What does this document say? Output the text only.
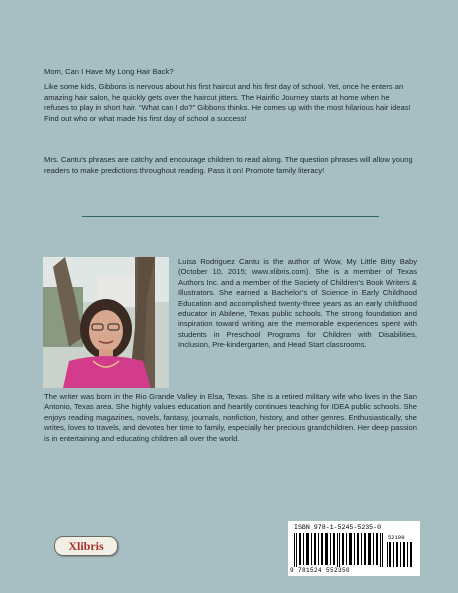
Mom, Can I Have My Long Hair Back?

Like some kids, Gibbons is nervous about his first haircut and his first day of school. Yet, once he enters an amazing hair salon, he quickly gets over the haircut jitters. The Hairific Journey starts at home when he refuses to play in short hair. “What can I do?” Gibbons thinks. He comes up with the most hilarious hair ideas! Find out who or what made his first day of school a success!

Mrs. Cantu’s phrases are catchy and encourage children to read along. The question phrases will allow young readers to make predictions throughout reading. Pass it on! Promote family literacy!

Luisa Rodriguez Cantu is the author of Wow, My Little Bitty Baby (October 10, 2015; www.xlibris.com). She is a member of Texas Authors Inc. and a member of the Society of Children’s Book Writers & Illustrators. She earned a Bachelor’s of Science in Early Childhood Education and accomplished twenty-three years as an early childhood educator in Abilene, Texas public schools. The strong foundation and inspiration toward writing are the memorable experiences spent with students in Preschool Programs for Children with Disabilities, Inclusion, Pre-kindergarten, and Head Start classrooms.

The writer was born in the Rio Grande Valley in Elsa, Texas. She is a retired military wife who lives in the San Antonio, Texas area. She highly values education and heartily continues teaching for IDEA public schools. She enjoys reading magazines, novels, fantasy, journals, nonfiction, history, and other genres. Enthusiastically, she writes, loves to travels, and devotes her time to family, especially her precious grandchildren. Her deep passion is in entertaining and educating children all over the world.

Xlibris
ISBN 978-1-5245-5235-0
52199
9 781524 552350
